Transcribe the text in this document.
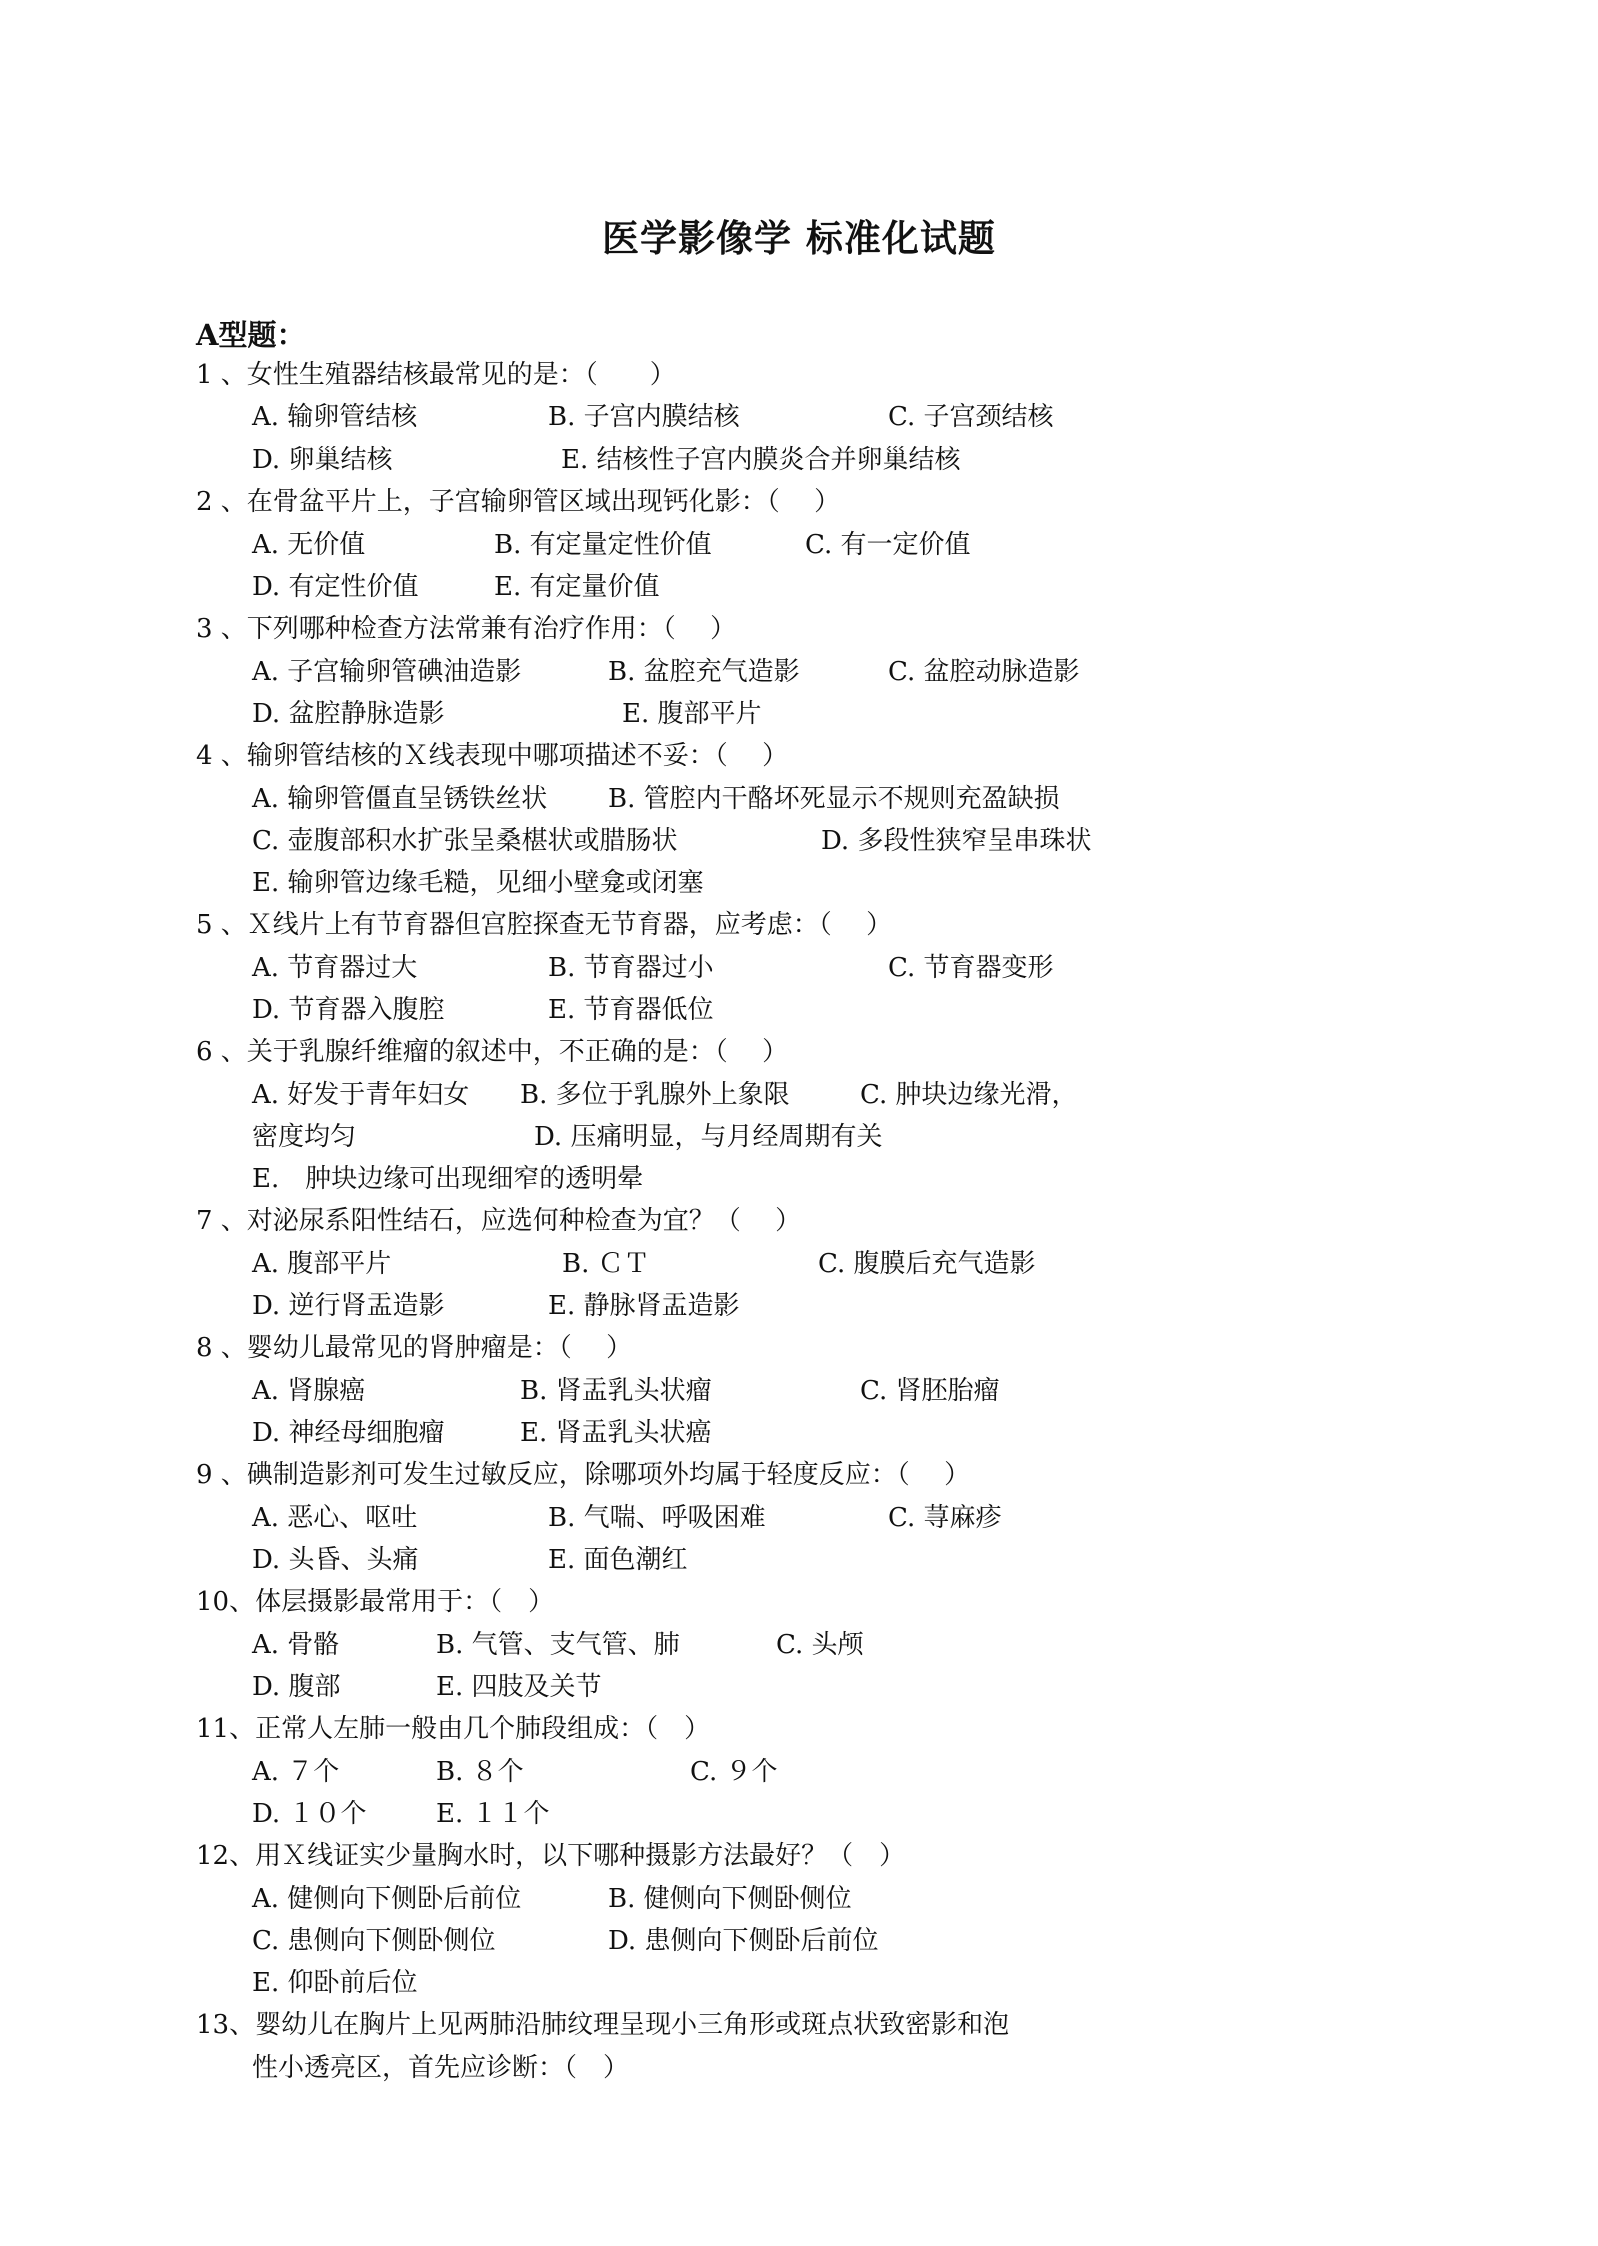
医学影像学 标准化试题
A型题：
1 、女性生殖器结核最常见的是：（　　）
A. 输卵管结核	B. 子宫内膜结核	C. 子宫颈结核
D. 卵巢结核	E. 结核性子宫内膜炎合并卵巢结核
2 、在骨盆平片上，子宫输卵管区域出现钙化影：（　 ）
A. 无价值	B. 有定量定性价值	C. 有一定价值
D. 有定性价值	E. 有定量价值
3 、下列哪种检查方法常兼有治疗作用：（　 ）
A. 子宫输卵管碘油造影	B. 盆腔充气造影	C. 盆腔动脉造影
D. 盆腔静脉造影	E. 腹部平片
4 、输卵管结核的Ｘ线表现中哪项描述不妥：（　 ）
A. 输卵管僵直呈锈铁丝状 B. 管腔内干酪坏死显示不规则充盈缺损
C. 壶腹部积水扩张呈桑椹状或腊肠状	D. 多段性狭窄呈串珠状
E. 输卵管边缘毛糙，见细小壁龛或闭塞
5 、Ｘ线片上有节育器但宫腔探查无节育器，应考虑：（　 ）
A. 节育器过大	B. 节育器过小	C. 节育器变形
D. 节育器入腹腔	E. 节育器低位
6 、关于乳腺纤维瘤的叙述中，不正确的是：（　 ）
A. 好发于青年妇女 B. 多位于乳腺外上象限	C. 肿块边缘光滑，
密度均匀	D. 压痛明显，与月经周期有关
E.　肿块边缘可出现细窄的透明晕
7 、对泌尿系阳性结石，应选何种检查为宜？（　 ）
A. 腹部平片	B. ＣＴ	C. 腹膜后充气造影
D. 逆行肾盂造影	E. 静脉肾盂造影
8 、婴幼儿最常见的肾肿瘤是：（　 ）
A. 肾腺癌	B. 肾盂乳头状瘤	C. 肾胚胎瘤
D. 神经母细胞瘤	E. 肾盂乳头状癌
9 、碘制造影剂可发生过敏反应，除哪项外均属于轻度反应：（　 ）
A. 恶心、呕吐	B. 气喘、呼吸困难	C. 荨麻疹
D. 头昏、头痛	E. 面色潮红
10、体层摄影最常用于：（　）
A. 骨骼	B. 气管、支气管、肺	C. 头颅
D. 腹部	E. 四肢及关节
11、正常人左肺一般由几个肺段组成：（　）
A. ７个	B. ８个	C. ９个
D. １０个	E. １１个
12、用Ｘ线证实少量胸水时，以下哪种摄影方法最好？（　）
A. 健侧向下侧卧后前位	B. 健侧向下侧卧侧位
C. 患侧向下侧卧侧位	D. 患侧向下侧卧后前位
E. 仰卧前后位
13、婴幼儿在胸片上见两肺沿肺纹理呈现小三角形或斑点状致密影和泡
性小透亮区，首先应诊断：（　）
